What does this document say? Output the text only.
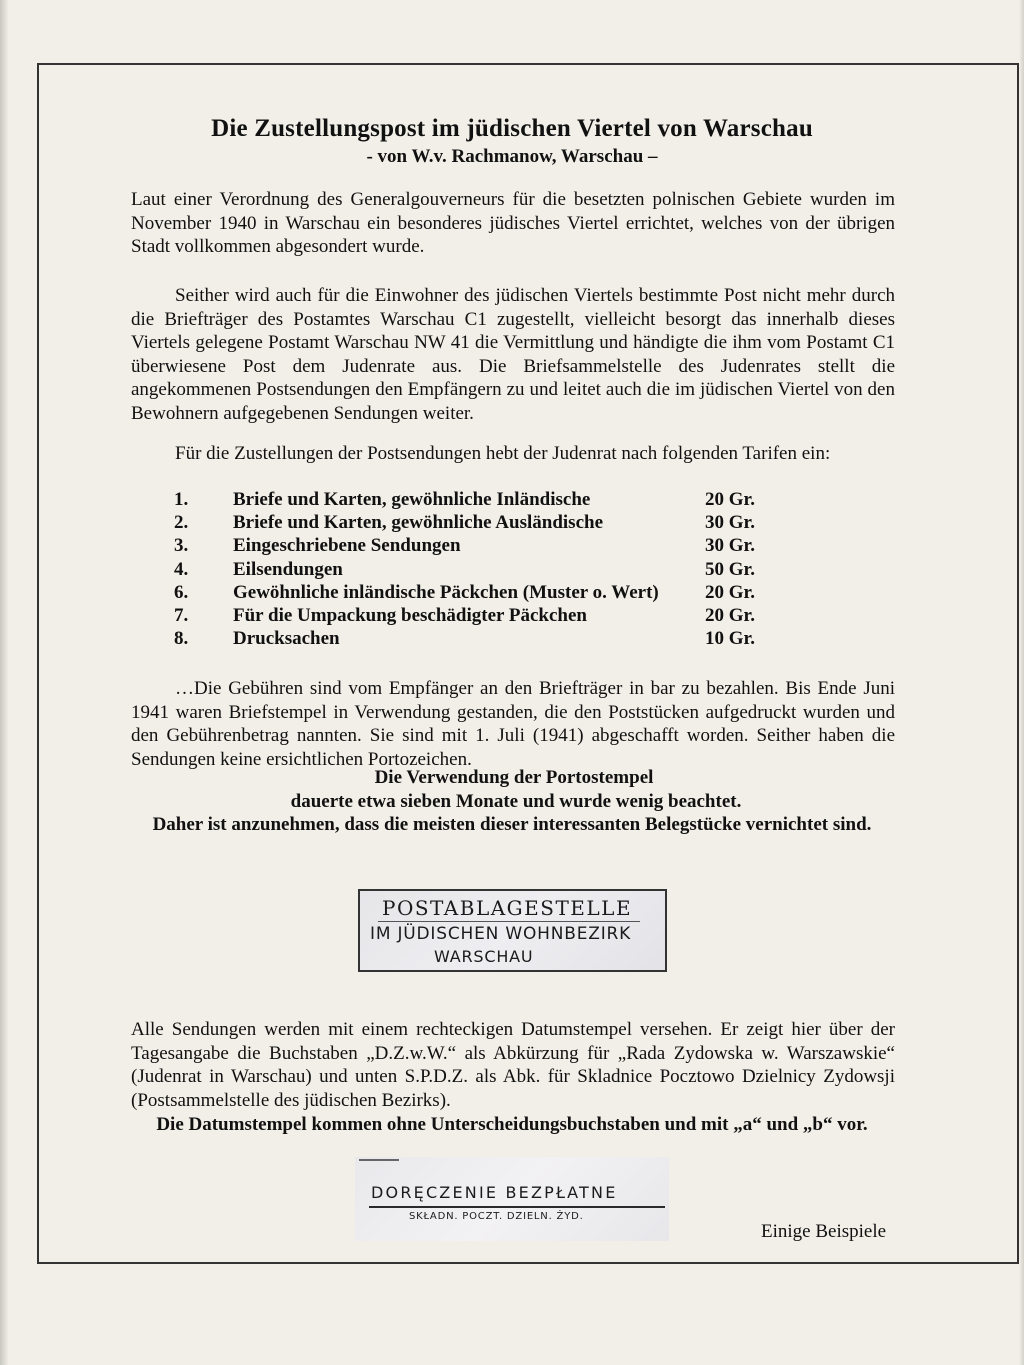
Die Zustellungspost im jüdischen Viertel von Warschau
- von W.v. Rachmanow, Warschau –

Laut einer Verordnung des Generalgouverneurs für die besetzten polnischen Gebiete wurden im November 1940 in Warschau ein besonderes jüdisches Viertel errichtet, welches von der übrigen Stadt vollkommen abgesondert wurde.

Seither wird auch für die Einwohner des jüdischen Viertels bestimmte Post nicht mehr durch die Briefträger des Postamtes Warschau C1 zugestellt, vielleicht besorgt das innerhalb dieses Viertels gelegene Postamt Warschau NW 41 die Vermittlung und händigte die ihm vom Postamt C1 überwiesene Post dem Judenrate aus. Die Briefsammelstelle des Judenrates stellt die angekommenen Postsendungen den Empfängern zu und leitet auch die im jüdischen Viertel von den Bewohnern aufgegebenen Sendungen weiter.

Für die Zustellungen der Postsendungen hebt der Judenrat nach folgenden Tarifen ein:
1. Briefe und Karten, gewöhnliche Inländische	20 Gr.
2. Briefe und Karten, gewöhnliche Ausländische	30 Gr.
3. Eingeschriebene Sendungen	30 Gr.
4. Eilsendungen	50 Gr.
6. Gewöhnliche inländische Päckchen (Muster o. Wert) 20 Gr.
7. Für die Umpackung beschädigter Päckchen	20 Gr.
8. Drucksachen	10 Gr.

…Die Gebühren sind vom Empfänger an den Briefträger in bar zu bezahlen. Bis Ende Juni 1941 waren Briefstempel in Verwendung gestanden, die den Poststücken aufgedruckt wurden und den Gebührenbetrag nannten. Sie sind mit 1. Juli (1941) abgeschafft worden. Seither haben die Sendungen keine ersichtlichen Portozeichen.

Die Verwendung der Portostempel
dauerte etwa sieben Monate und wurde wenig beachtet.
Daher ist anzunehmen, dass die meisten dieser interessanten Belegstücke vernichtet sind.
POSTABLAGESTELLE
IM JÜDISCHEN WOHNBEZIRK
WARSCHAU

Alle Sendungen werden mit einem rechteckigen Datumstempel versehen. Er zeigt hier über der Tagesangabe die Buchstaben „D.Z.w.W.“ als Abkürzung für „Rada Zydowska w. Warszawskie“ (Judenrat in Warschau) und unten S.P.D.Z. als Abk. für Skladnice Pocztowo Dzielnicy Zydowsji (Postsammelstelle des jüdischen Bezirks).

Die Datumstempel kommen ohne Unterscheidungsbuchstaben und mit „a“ und „b“ vor.
DORĘCZENIE BEZPŁATNE
SKŁADN. POCZT. DZIELN. ŻYD.
Einige Beispiele
